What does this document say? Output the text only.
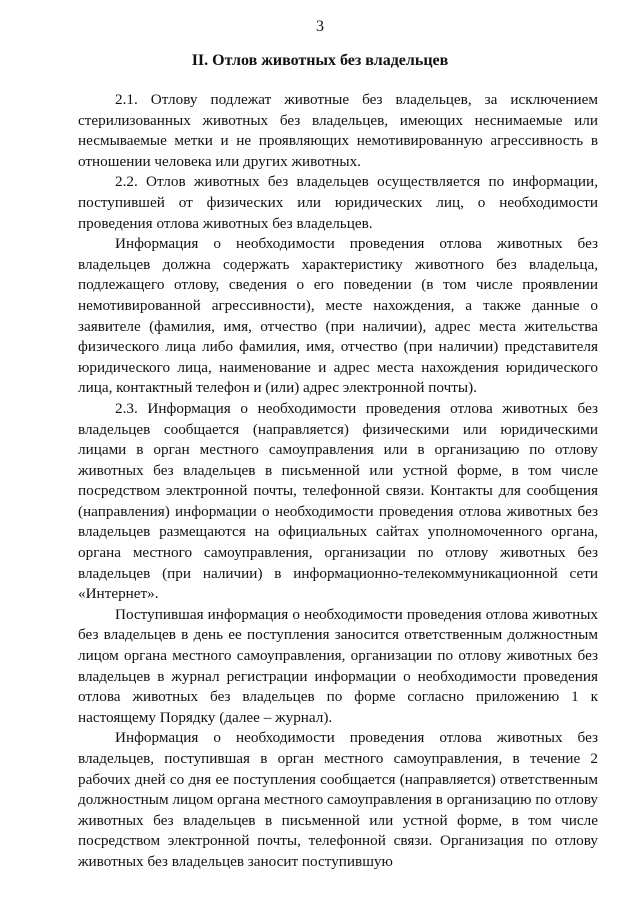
3
II. Отлов животных без владельцев

2.1. Отлову подлежат животные без владельцев, за исключением стерилизованных животных без владельцев, имеющих неснимаемые или несмываемые метки и не проявляющих немотивированную агрессивность в отношении человека или других животных.

2.2. Отлов животных без владельцев осуществляется по информации, поступившей от физических или юридических лиц, о необходимости проведения отлова животных без владельцев.

Информация о необходимости проведения отлова животных без владельцев должна содержать характеристику животного без владельца, подлежащего отлову, сведения о его поведении (в том числе проявлении немотивированной агрессивности), месте нахождения, а также данные о заявителе (фамилия, имя, отчество (при наличии), адрес места жительства физического лица либо фамилия, имя, отчество (при наличии) представителя юридического лица, наименование и адрес места нахождения юридического лица, контактный телефон и (или) адрес электронной почты).

2.3. Информация о необходимости проведения отлова животных без владельцев сообщается (направляется) физическими или юридическими лицами в орган местного самоуправления или в организацию по отлову животных без владельцев в письменной или устной форме, в том числе посредством электронной почты, телефонной связи. Контакты для сообщения (направления) информации о необходимости проведения отлова животных без владельцев размещаются на официальных сайтах уполномоченного органа, органа местного самоуправления, организации по отлову животных без владельцев (при наличии) в информационно-телекоммуникационной сети «Интернет».

Поступившая информация о необходимости проведения отлова животных без владельцев в день ее поступления заносится ответственным должностным лицом органа местного самоуправления, организации по отлову животных без владельцев в журнал регистрации информации о необходимости проведения отлова животных без владельцев по форме согласно приложению 1 к настоящему Порядку (далее – журнал).

Информация о необходимости проведения отлова животных без владельцев, поступившая в орган местного самоуправления, в течение 2 рабочих дней со дня ее поступления сообщается (направляется) ответственным должностным лицом органа местного самоуправления в организацию по отлову животных без владельцев в письменной или устной форме, в том числе посредством электронной почты, телефонной связи. Организация по отлову животных без владельцев заносит поступившую
